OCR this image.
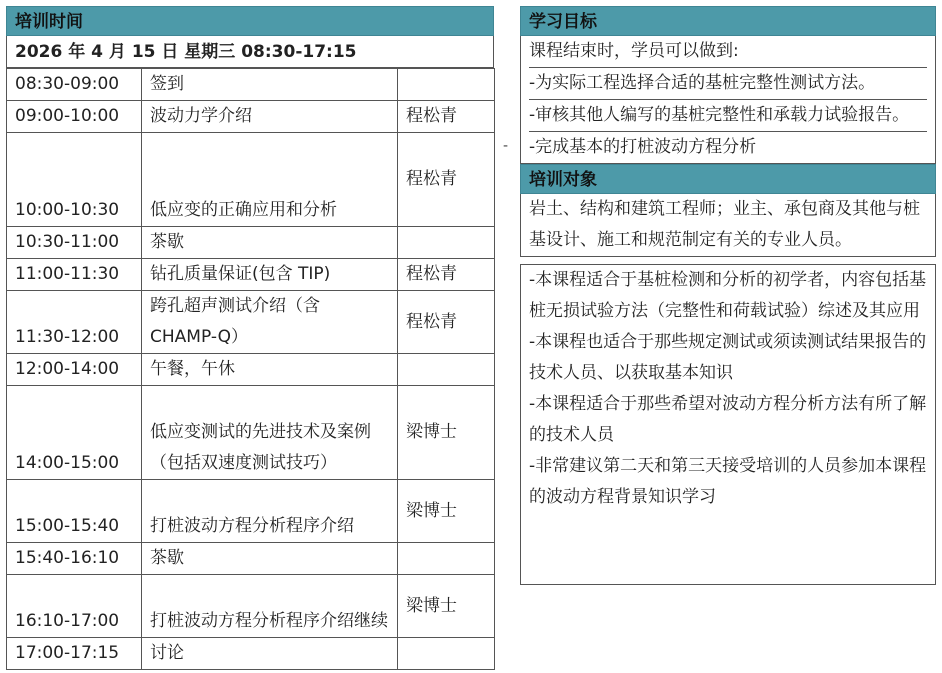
培训时间
2026 年 4 月 15 日 星期三 08:30-17:15
08:30-09:00	签到	
09:00-10:00	波动力学介绍	程松青
10:00-10:30	低应变的正确应用和分析	程松青
10:30-11:00	茶歇	
11:00-11:30	钻孔质量保证(包含 TIP)	程松青
11:30-12:00	跨孔超声测试介绍（含 CHAMP-Q）	程松青
12:00-14:00	午餐，午休	
14:00-15:00	低应变测试的先进技术及案例（包括双速度测试技巧）	梁博士
15:00-15:40	打桩波动方程分析程序介绍	梁博士
15:40-16:10	茶歇	
16:10-17:00	打桩波动方程分析程序介绍继续	梁博士
17:00-17:15	讨论	
-
学习目标
课程结束时，学员可以做到:
-为实际工程选择合适的基桩完整性测试方法。
-审核其他人编写的基桩完整性和承载力试验报告。
-完成基本的打桩波动方程分析
培训对象
岩土、结构和建筑工程师；业主、承包商及其他与桩基设计、施工和规范制定有关的专业人员。
-本课程适合于基桩检测和分析的初学者，内容包括基桩无损试验方法（完整性和荷载试验）综述及其应用
-本课程也适合于那些规定测试或须读测试结果报告的技术人员、以获取基本知识
-本课程适合于那些希望对波动方程分析方法有所了解的技术人员
-非常建议第二天和第三天接受培训的人员参加本课程的波动方程背景知识学习
